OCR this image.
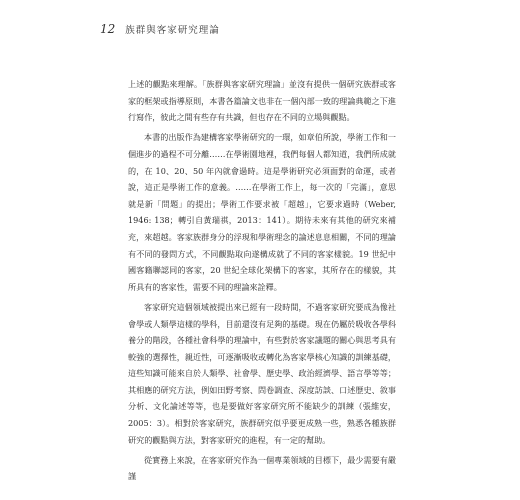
12 族群與客家研究理論

上述的觀點來理解。「族群與客家研究理論」並沒有提供一個研究族群或客家的框架或指導原則，本書各篇論文也非在一個內部一致的理論典範之下進行寫作，彼此之間有些存有共識，但也存在不同的立場與觀點。

本書的出版作為建構客家學術研究的一環，如章伯所說，學術工作和一個進步的過程不可分離……在學術園地裡，我們每個人都知道，我們所成就的，在 10、20、50 年內就會過時。這是學術研究必須面對的命運，或者說，這正是學術工作的意義。……在學術工作上，每一次的「完滿」，意思就是新「問題」的提出；學術工作要求被「超越」，它要求過時（Weber, 1946: 138；轉引自黃瑞祺，2013：141）。期待未來有其他的研究來補充，來超越。客家族群身分的浮現和學術理念的論述息息相關，不同的理論有不同的發問方式，不同觀點取向遂構成就了不同的客家樣貌。19 世紀中國客籍聯認同的客家，20 世紀全球化架構下的客家，其所存在的樣貌，其所具有的客家性，需要不同的理論來詮釋。

客家研究這個領域被提出來已經有一段時間，不過客家研究要成為像社會學或人類學這樣的學科，目前還沒有足夠的基礎。現在仍屬於吸收各學科養分的階段，各種社會科學的理論中，有些對於客家議題的關心與思考具有較強的選擇性，親近性，可逐漸吸收或轉化為客家學核心知識的訓練基礎，這些知識可能來自於人類學、社會學、歷史學、政治經濟學、語言學等等；其相應的研究方法，例如田野考察、問卷調查、深度訪談、口述歷史、敘事分析、文化論述等等，也是要做好客家研究所不能缺少的訓練（張維安，2005：3）。相對於客家研究，族群研究似乎要更成熟一些，熟悉各種族群研究的觀點與方法，對客家研究的進程，有一定的幫助。

從實務上來說，在客家研究作為一個專業領域的目標下，最少需要有嚴謹
